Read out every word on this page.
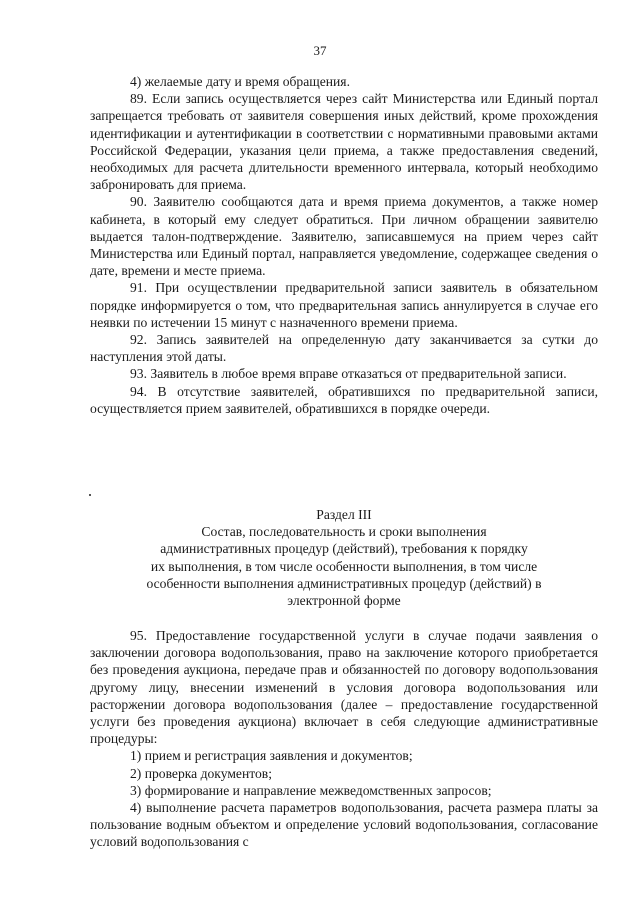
37

4) желаемые дату и время обращения.

89. Если запись осуществляется через сайт Министерства или Единый портал запрещается требовать от заявителя совершения иных действий, кроме прохождения идентификации и аутентификации в соответствии с нормативными правовыми актами Российской Федерации, указания цели приема, а также предоставления сведений, необходимых для расчета длительности временного интервала, который необходимо забронировать для приема.

90. Заявителю сообщаются дата и время приема документов, а также номер кабинета, в который ему следует обратиться. При личном обращении заявителю выдается талон-подтверждение. Заявителю, записавшемуся на прием через сайт Министерства или Единый портал, направляется уведомление, содержащее сведения о дате, времени и месте приема.

91. При осуществлении предварительной записи заявитель в обязательном порядке информируется о том, что предварительная запись аннулируется в случае его неявки по истечении 15 минут с назначенного времени приема.

92. Запись заявителей на определенную дату заканчивается за сутки до наступления этой даты.

93. Заявитель в любое время вправе отказаться от предварительной записи.

94. В отсутствие заявителей, обратившихся по предварительной записи, осуществляется прием заявителей, обратившихся в порядке очереди.

Раздел III
Состав, последовательность и сроки выполнения
административных процедур (действий), требования к порядку
их выполнения, в том числе особенности выполнения, в том числе
особенности выполнения административных процедур (действий) в
электронной форме

95. Предоставление государственной услуги в случае подачи заявления о заключении договора водопользования, право на заключение которого приобретается без проведения аукциона, передаче прав и обязанностей по договору водопользования другому лицу, внесении изменений в условия договора водопользования или расторжении договора водопользования (далее – предоставление государственной услуги без проведения аукциона) включает в себя следующие административные процедуры:

1) прием и регистрация заявления и документов;

2) проверка документов;

3) формирование и направление межведомственных запросов;

4) выполнение расчета параметров водопользования, расчета размера платы за пользование водным объектом и определение условий водопользования, согласование условий водопользования с
